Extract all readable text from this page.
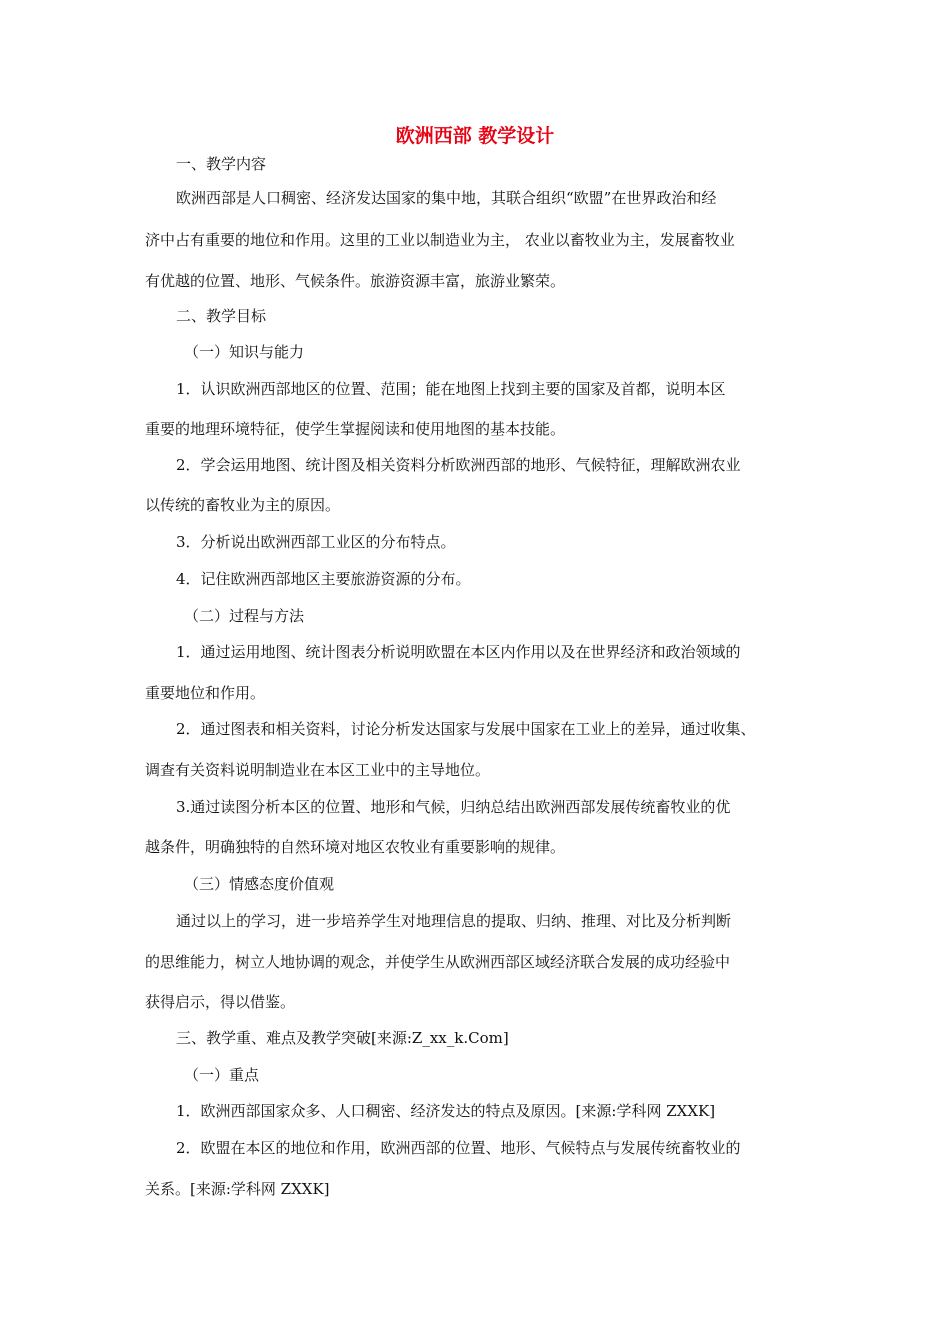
欧洲西部 教学设计
一、教学内容
欧洲西部是人口稠密、经济发达国家的集中地，其联合组织“欧盟”在世界政治和经
济中占有重要的地位和作用。这里的工业以制造业为主， 农业以畜牧业为主，发展畜牧业
有优越的位置、地形、气候条件。旅游资源丰富，旅游业繁荣。
二、教学目标
（一）知识与能力
1．认识欧洲西部地区的位置、范围；能在地图上找到主要的国家及首都，说明本区
重要的地理环境特征，使学生掌握阅读和使用地图的基本技能。
2．学会运用地图、统计图及相关资料分析欧洲西部的地形、气候特征，理解欧洲农业
以传统的畜牧业为主的原因。
3．分析说出欧洲西部工业区的分布特点。
4．记住欧洲西部地区主要旅游资源的分布。
（二）过程与方法
1．通过运用地图、统计图表分析说明欧盟在本区内作用以及在世界经济和政治领域的
重要地位和作用。
2．通过图表和相关资料，讨论分析发达国家与发展中国家在工业上的差异，通过收集、
调查有关资料说明制造业在本区工业中的主导地位。
3.通过读图分析本区的位置、地形和气候，归纳总结出欧洲西部发展传统畜牧业的优
越条件，明确独特的自然环境对地区农牧业有重要影响的规律。
（三）情感态度价值观
通过以上的学习，进一步培养学生对地理信息的提取、归纳、推理、对比及分析判断
的思维能力，树立人地协调的观念，并使学生从欧洲西部区域经济联合发展的成功经验中
获得启示，得以借鉴。
三、教学重、难点及教学突破[来源:Z_xx_k.Com]
（一）重点
1．欧洲西部国家众多、人口稠密、经济发达的特点及原因。[来源:学科网 ZXXK]
2．欧盟在本区的地位和作用，欧洲西部的位置、地形、气候特点与发展传统畜牧业的
关系。[来源:学科网 ZXXK]
